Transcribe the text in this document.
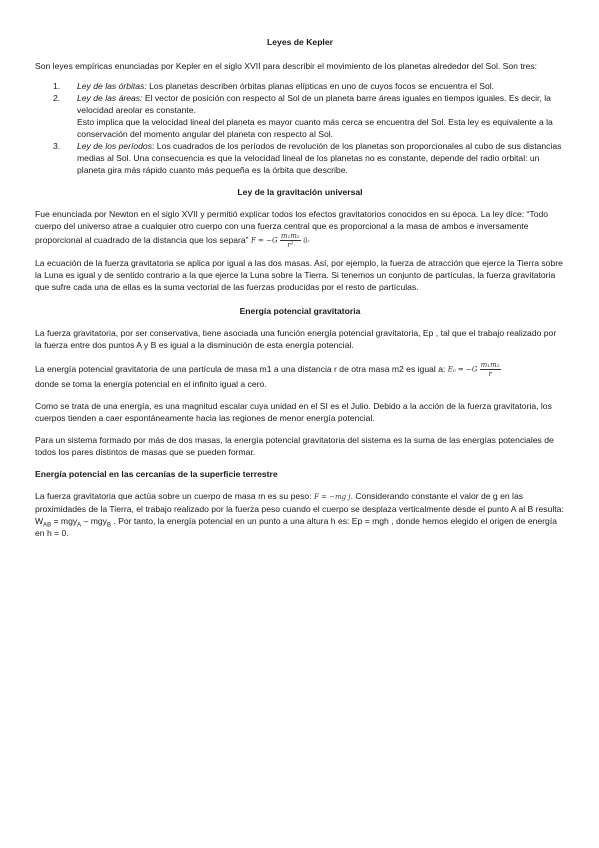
Leyes de Kepler

Son leyes empíricas enunciadas por Kepler en el siglo XVII para describir el movimiento de los planetas alrededor del Sol. Son tres:

1.	Ley de las órbitas: Los planetas describen órbitas planas elípticas en uno de cuyos focos se encuentra el Sol.
2.	Ley de las áreas: El vector de posición con respecto al Sol de un planeta barre áreas iguales en tiempos iguales. Es decir, la velocidad areolar es constante.
Esto implica que la velocidad lineal del planeta es mayor cuanto más cerca se encuentra del Sol. Esta ley es equivalente a la conservación del momento angular del planeta con respecto al Sol.
3.	Ley de los períodos: Los cuadrados de los períodos de revolución de los planetas son proporcionales al cubo de sus distancias medias al Sol. Una consecuencia es que la velocidad lineal de los planetas no es constante, depende del radio orbital: un planeta gira más rápido cuanto más pequeña es la órbita que describe.

Ley de la gravitación universal

Fue enunciada por Newton en el siglo XVII y permitió explicar todos los efectos gravitatorios conocidos en su época. La ley dice: “Todo cuerpo del universo atrae a cualquier otro cuerpo con una fuerza central que es proporcional a la masa de ambos e inversamente proporcional al cuadrado de la distancia que los separa” $F = -G \frac{\text{m₁m₂}}{\text{r²}}$ ūᵣ

La ecuación de la fuerza gravitatoria se aplica por igual a las dos masas. Así, por ejemplo, la fuerza de atracción que ejerce la Tierra sobre la Luna es igual y de sentido contrario a la que ejerce la Luna sobre la Tierra. Si tenemos un conjunto de partículas, la fuerza gravitatoria que sufre cada una de ellas es la suma vectorial de las fuerzas producidas por el resto de partículas.

Energía potencial gravitatoria

La fuerza gravitatoria, por ser conservativa, tiene asociada una función energía potencial gravitatoria, Ep , tal que el trabajo realizado por la fuerza entre dos puntos A y B es igual a la disminución de esta energía potencial.

La energía potencial gravitatoria de una partícula de masa m1 a una distancia r de otra masa m2 es igual a: $E_p = -G \frac{\text{m₁m₂}}{r}$

donde se toma la energía potencial en el infinito igual a cero.

Como se trata de una energía, es una magnitud escalar cuya unidad en el SI es el Julio. Debido a la acción de la fuerza gravitatoria, los cuerpos tienden a caer espontáneamente hacia las regiones de menor energía potencial.

Para un sistema formado por más de dos masas, la energía potencial gravitatoria del sistema es la suma de las energías potenciales de todos los pares distintos de masas que se pueden formar.

Energía potencial en las cercanías de la superficie terrestre

La fuerza gravitatoria que actúa sobre un cuerpo de masa m es su peso: F = −mg j. Considerando constante el valor de g en las proximidades de la Tierra, el trabajo realizado por la fuerza peso cuando el cuerpo se desplaza verticalmente desde el punto A al B resulta: $W_{AB} = mgy_A - mgy_B$ . Por tanto, la energía potencial en un punto a una altura h es: Ep = mgh , donde hemos elegido el origen de energía en h = 0.
